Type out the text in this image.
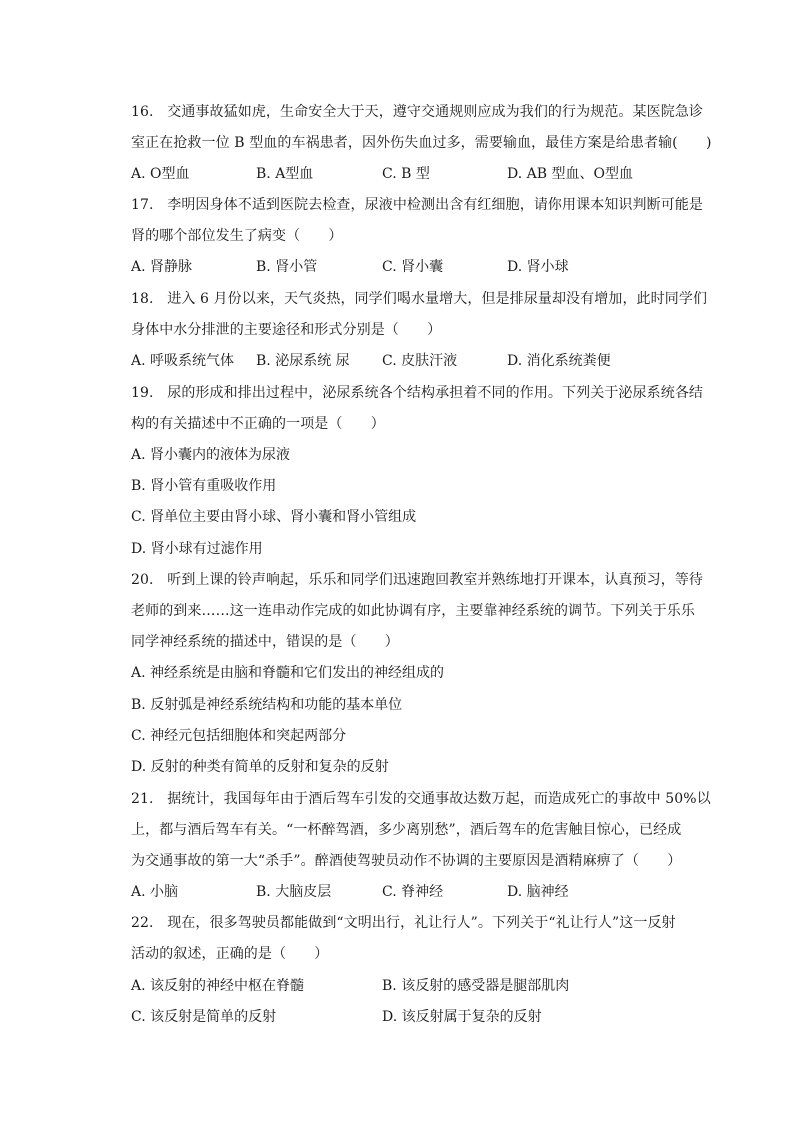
16. 交通事故猛如虎，生命安全大于天，遵守交通规则应成为我们的行为规范。某医院急诊
室正在抢救一位 B 型血的车祸患者，因外伤失血过多，需要输血，最佳方案是给患者输(　　)
A. O型血	B. A型血	C. B 型	D. AB 型血、O型血
17. 李明因身体不适到医院去检查，尿液中检测出含有红细胞，请你用课本知识判断可能是
肾的哪个部位发生了病变（　　）
A. 肾静脉	B. 肾小管	C. 肾小囊	D. 肾小球
18. 进入 6 月份以来，天气炎热，同学们喝水量增大，但是排尿量却没有增加，此时同学们
身体中水分排泄的主要途径和形式分别是（　　）
A. 呼吸系统气体 B. 泌尿系统 尿 C. 皮肤汗液	D. 消化系统粪便
19. 尿的形成和排出过程中，泌尿系统各个结构承担着不同的作用。下列关于泌尿系统各结
构的有关描述中不正确的一项是（　　）
A. 肾小囊内的液体为尿液
B. 肾小管有重吸收作用
C. 肾单位主要由肾小球、肾小囊和肾小管组成
D. 肾小球有过滤作用
20. 听到上课的铃声响起，乐乐和同学们迅速跑回教室并熟练地打开课本，认真预习，等待
老师的到来……这一连串动作完成的如此协调有序，主要靠神经系统的调节。下列关于乐乐
同学神经系统的描述中，错误的是（　　）
A. 神经系统是由脑和脊髓和它们发出的神经组成的
B. 反射弧是神经系统结构和功能的基本单位
C. 神经元包括细胞体和突起两部分
D. 反射的种类有简单的反射和复杂的反射
21. 据统计，我国每年由于酒后驾车引发的交通事故达数万起，而造成死亡的事故中 50%以
上，都与酒后驾车有关。“一杯醉驾酒，多少离别愁”，酒后驾车的危害触目惊心，已经成
为交通事故的第一大“杀手”。醉酒使驾驶员动作不协调的主要原因是酒精麻痹了（　　）
A. 小脑	B. 大脑皮层	C. 脊神经	D. 脑神经
22. 现在，很多驾驶员都能做到“文明出行，礼让行人”。下列关于“礼让行人”这一反射
活动的叙述，正确的是（　　）
A. 该反射的神经中枢在脊髓	B. 该反射的感受器是腿部肌肉
C. 该反射是简单的反射	D. 该反射属于复杂的反射
